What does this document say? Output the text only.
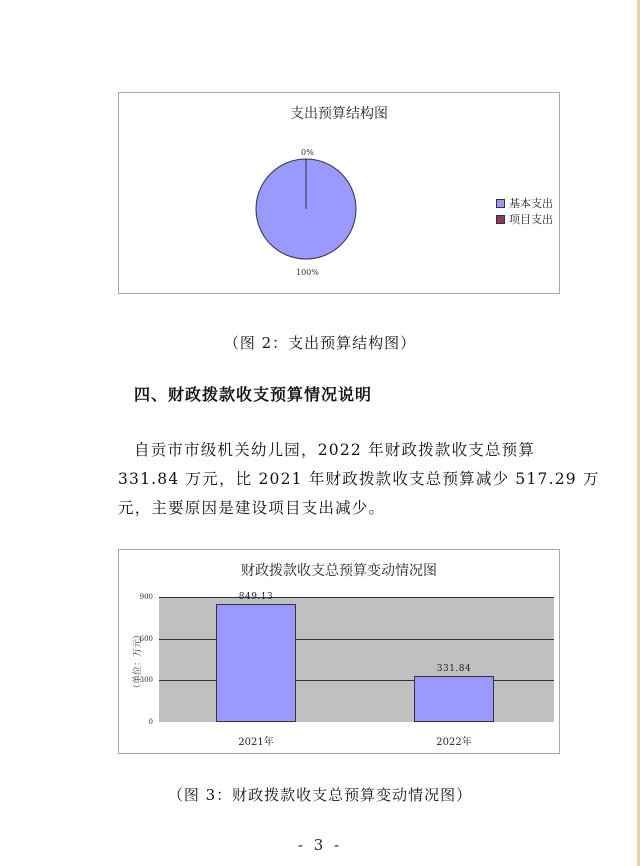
支出预算结构图
0%
100%
基本支出
项目支出
（图 2：支出预算结构图）
四、财政拨款收支预算情况说明
自贡市市级机关幼儿园，2022 年财政拨款收支总预算
331.84 万元，比 2021 年财政拨款收支总预算减少 517.29 万
元，主要原因是建设项目支出减少。
财政拨款收支总预算变动情况图
（单位：万元）
900
600
300
0
849.13
331.84
2021年	2022年
（图 3：财政拨款收支总预算变动情况图）
- 3 -
